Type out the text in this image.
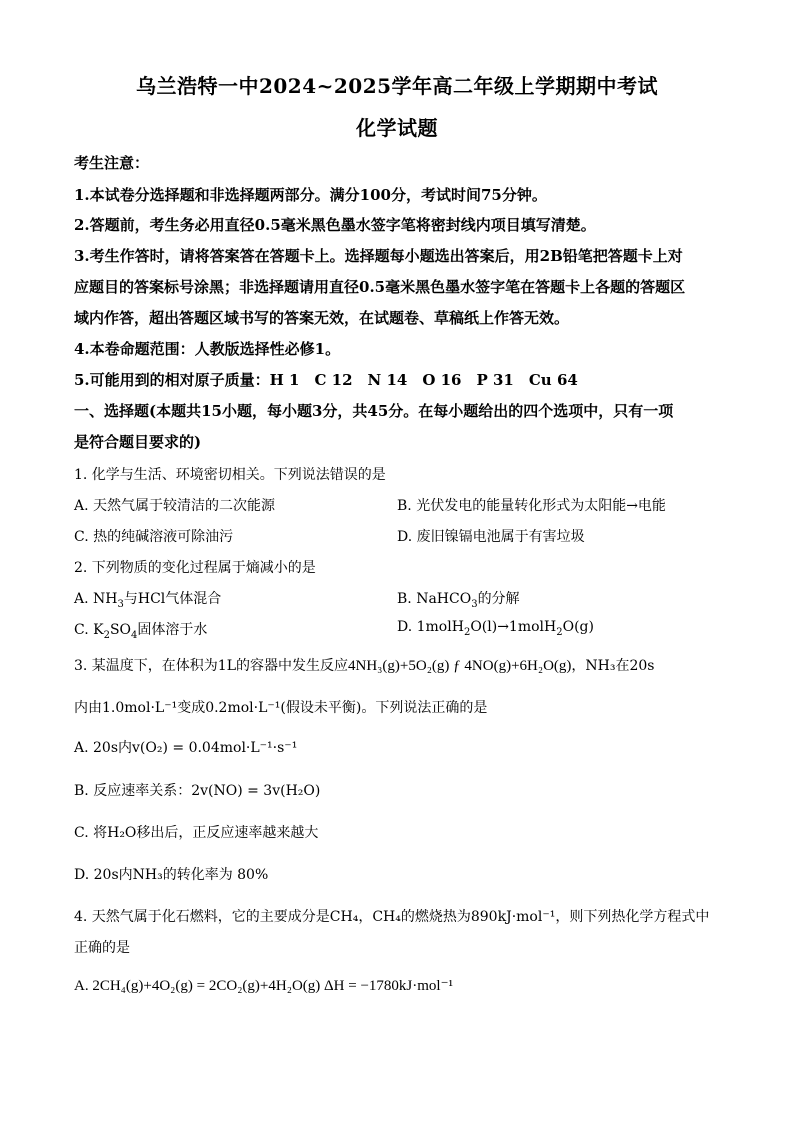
乌兰浩特一中2024~2025学年高二年级上学期期中考试
化学试题
考生注意：
1.本试卷分选择题和非选择题两部分。满分100分，考试时间75分钟。
2.答题前，考生务必用直径0.5毫米黑色墨水签字笔将密封线内项目填写清楚。
3.考生作答时，请将答案答在答题卡上。选择题每小题选出答案后，用2B铅笔把答题卡上对
应题目的答案标号涂黑；非选择题请用直径0.5毫米黑色墨水签字笔在答题卡上各题的答题区
域内作答，超出答题区域书写的答案无效，在试题卷、草稿纸上作答无效。
4.本卷命题范围：人教版选择性必修1。
5.可能用到的相对原子质量：H 1　C 12　N 14　O 16　P 31　Cu 64
一、选择题(本题共15小题，每小题3分，共45分。在每小题给出的四个选项中，只有一项
是符合题目要求的)
1. 化学与生活、环境密切相关。下列说法错误的是
A. 天然气属于较清洁的二次能源	B. 光伏发电的能量转化形式为太阳能→电能
C. 热的纯碱溶液可除油污	D. 废旧镍镉电池属于有害垃圾
2. 下列物质的变化过程属于熵减小的是
A. $NH_3$与HCl气体混合	B. NaHCO$_3$的分解
C. $K_2SO_4$固体溶于水	D. 1molH$_2$O(l)→1molH$_2$O(g)
3. 某温度下，在体积为1L的容器中发生反应4NH₃(g)+5O₂(g) ƒ 4NO(g)+6H₂O(g)，NH₃在20s
内由1.0mol·L⁻¹变成0.2mol·L⁻¹(假设未平衡)。下列说法正确的是
A. 20s内v(O₂) = 0.04mol·L⁻¹·s⁻¹
B. 反应速率关系：2v(NO) = 3v(H₂O)
C. 将H₂O移出后，正反应速率越来越大
D. 20s内NH₃的转化率为 80%
4. 天然气属于化石燃料，它的主要成分是CH₄，CH₄的燃烧热为890kJ·mol⁻¹，则下列热化学方程式中
正确的是
A. 2CH₄(g)+4O₂(g) = 2CO₂(g)+4H₂O(g) ΔH = −1780kJ·mol⁻¹
